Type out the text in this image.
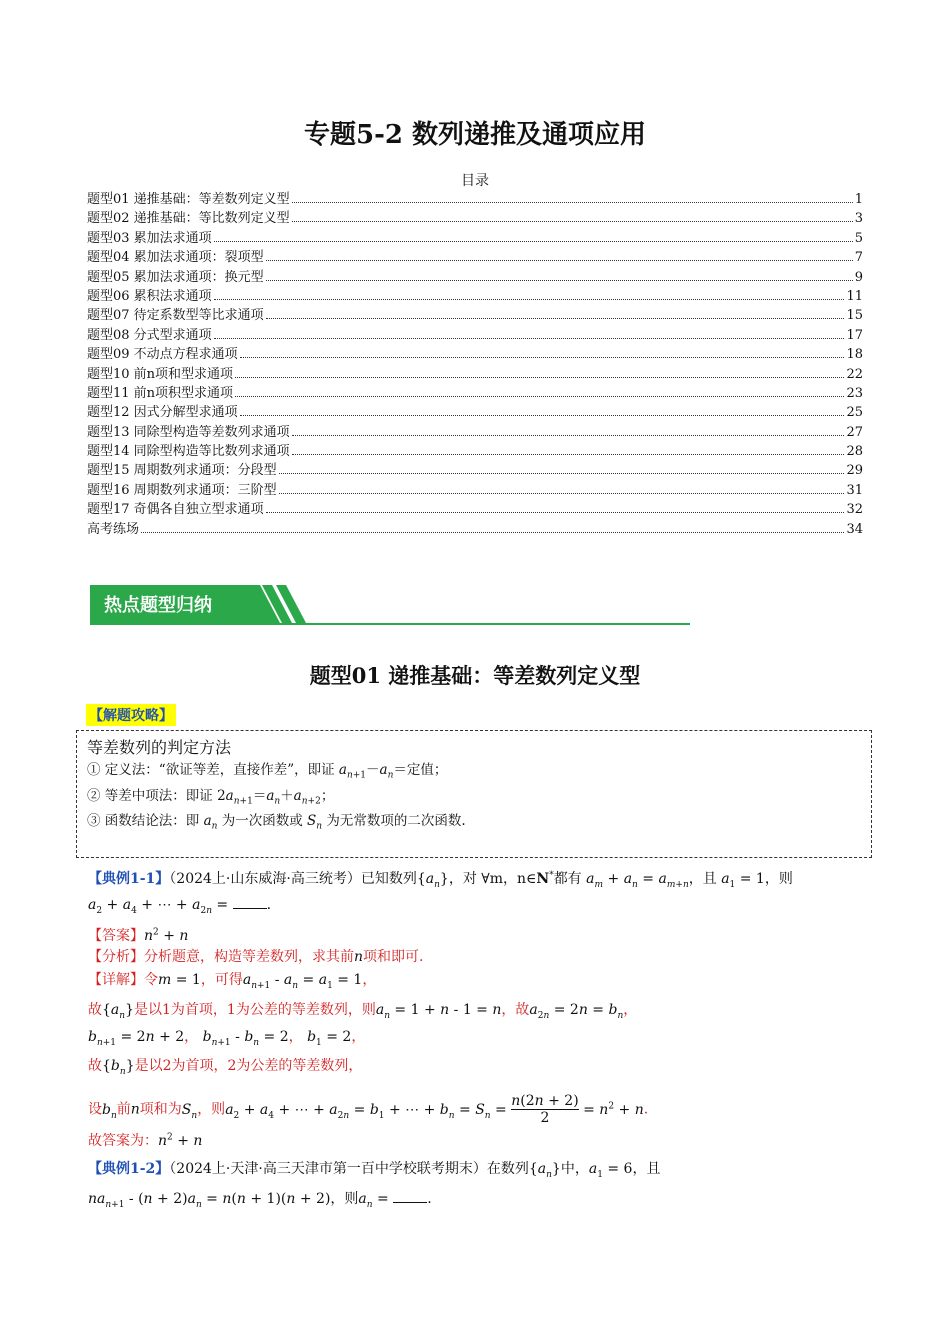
专题5-2 数列递推及通项应用
目录
题型01 递推基础：等差数列定义型	1
题型02 递推基础：等比数列定义型	3
题型03 累加法求通项	5
题型04 累加法求通项：裂项型	7
题型05 累加法求通项：换元型	9
题型06 累积法求通项	11
题型07 待定系数型等比求通项	15
题型08 分式型求通项	17
题型09 不动点方程求通项	18
题型10 前n项和型求通项	22
题型11 前n项积型求通项	23
题型12 因式分解型求通项	25
题型13 同除型构造等差数列求通项	27
题型14 同除型构造等比数列求通项	28
题型15 周期数列求通项：分段型	29
题型16 周期数列求通项：三阶型	31
题型17 奇偶各自独立型求通项	32
高考练场	34
热点题型归纳
题型01 递推基础：等差数列定义型
【解题攻略】
等差数列的判定方法
① 定义法：“欲证等差，直接作差”，即证 $a_{n+1}-a_n=$定值；
② 等差中项法：即证 $2a_{n+1}=a_n+a_{n+2}$；
③ 函数结论法：即 $a_n$ 为一次函数或 $S_n$ 为无常数项的二次函数.
【典例1-1】（2024上·山东威海·高三统考）已知数列$\{a_n\}$，对 ∀m，n∈N*都有 $a_m + a_n = a_{m+n}$，且 $a_1 = 1$，则
$a_2 + a_4$ + ⋯ + $a_{2n}$ = .
【答案】$n^2 + n$
【分析】分析题意，构造等差数列，求其前n项和即可.
【详解】令m = 1，可得$a_{n+1} - a_n = a_1 = 1$，
故$\{a_n\}$是以1为首项，1为公差的等差数列，则$a_n = 1 + n - 1 = n$，故$a_{2n} = 2n = b_n$，
$b_{n+1} = 2n + 2$， $b_{n+1} - b_n = 2$， $b_1 = 2$，
故$\{b_n\}$是以2为首项，2为公差的等差数列，
设$b_n$前n项和为$S_n$，则$a_2 + a_4$ + ⋯ + $a_{2n} = b_1$ + ⋯ + $b_n = S_n = \frac{n(2n + 2)}{2} = n^2 + n$.
故答案为：$n^2 + n$
【典例1-2】（2024上·天津·高三天津市第一百中学校联考期末）在数列$\{a_n\}$中，$a_1 = 6$，且
$na_{n+1} - (n + 2)a_n = n(n + 1)(n + 2)$，则$a_n$ = .
